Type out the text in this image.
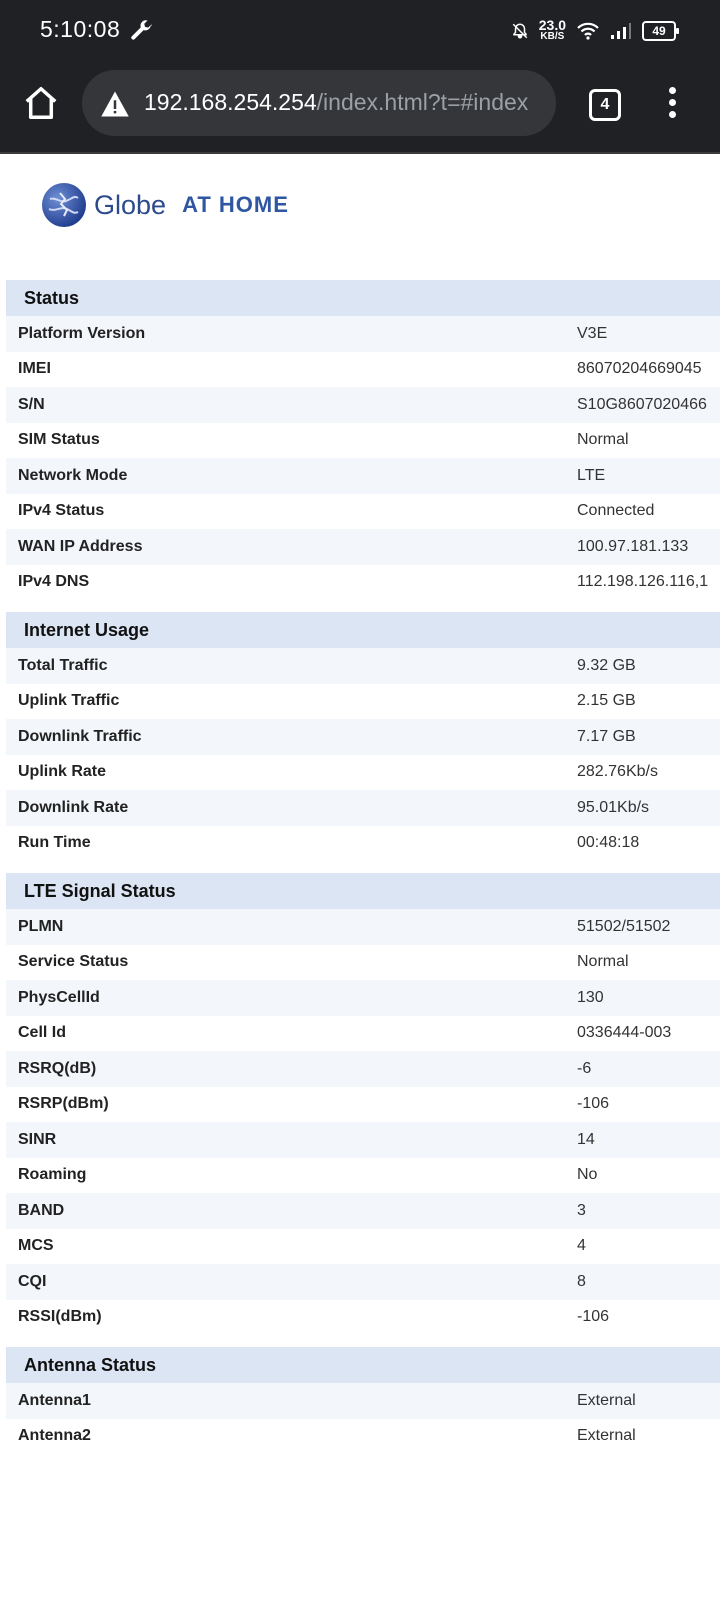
5:10:08	23.0
KB/S	49
192.168.254.254/index.html?t=#index	4
Globe AT HOME
Status
Platform Version	V3E
IMEI	86070204669045
S/N	S10G8607020466
SIM Status	Normal
Network Mode	LTE
IPv4 Status	Connected
WAN IP Address	100.97.181.133
IPv4 DNS	112.198.126.116,1
Internet Usage
Total Traffic	9.32 GB
Uplink Traffic	2.15 GB
Downlink Traffic	7.17 GB
Uplink Rate	282.76Kb/s
Downlink Rate	95.01Kb/s
Run Time	00:48:18
LTE Signal Status
PLMN	51502/51502
Service Status	Normal
PhysCellId	130
Cell Id	0336444-003
RSRQ(dB)	-6
RSRP(dBm)	-106
SINR	14
Roaming	No
BAND	3
MCS	4
CQI	8
RSSI(dBm)	-106
Antenna Status
Antenna1	External
Antenna2	External
